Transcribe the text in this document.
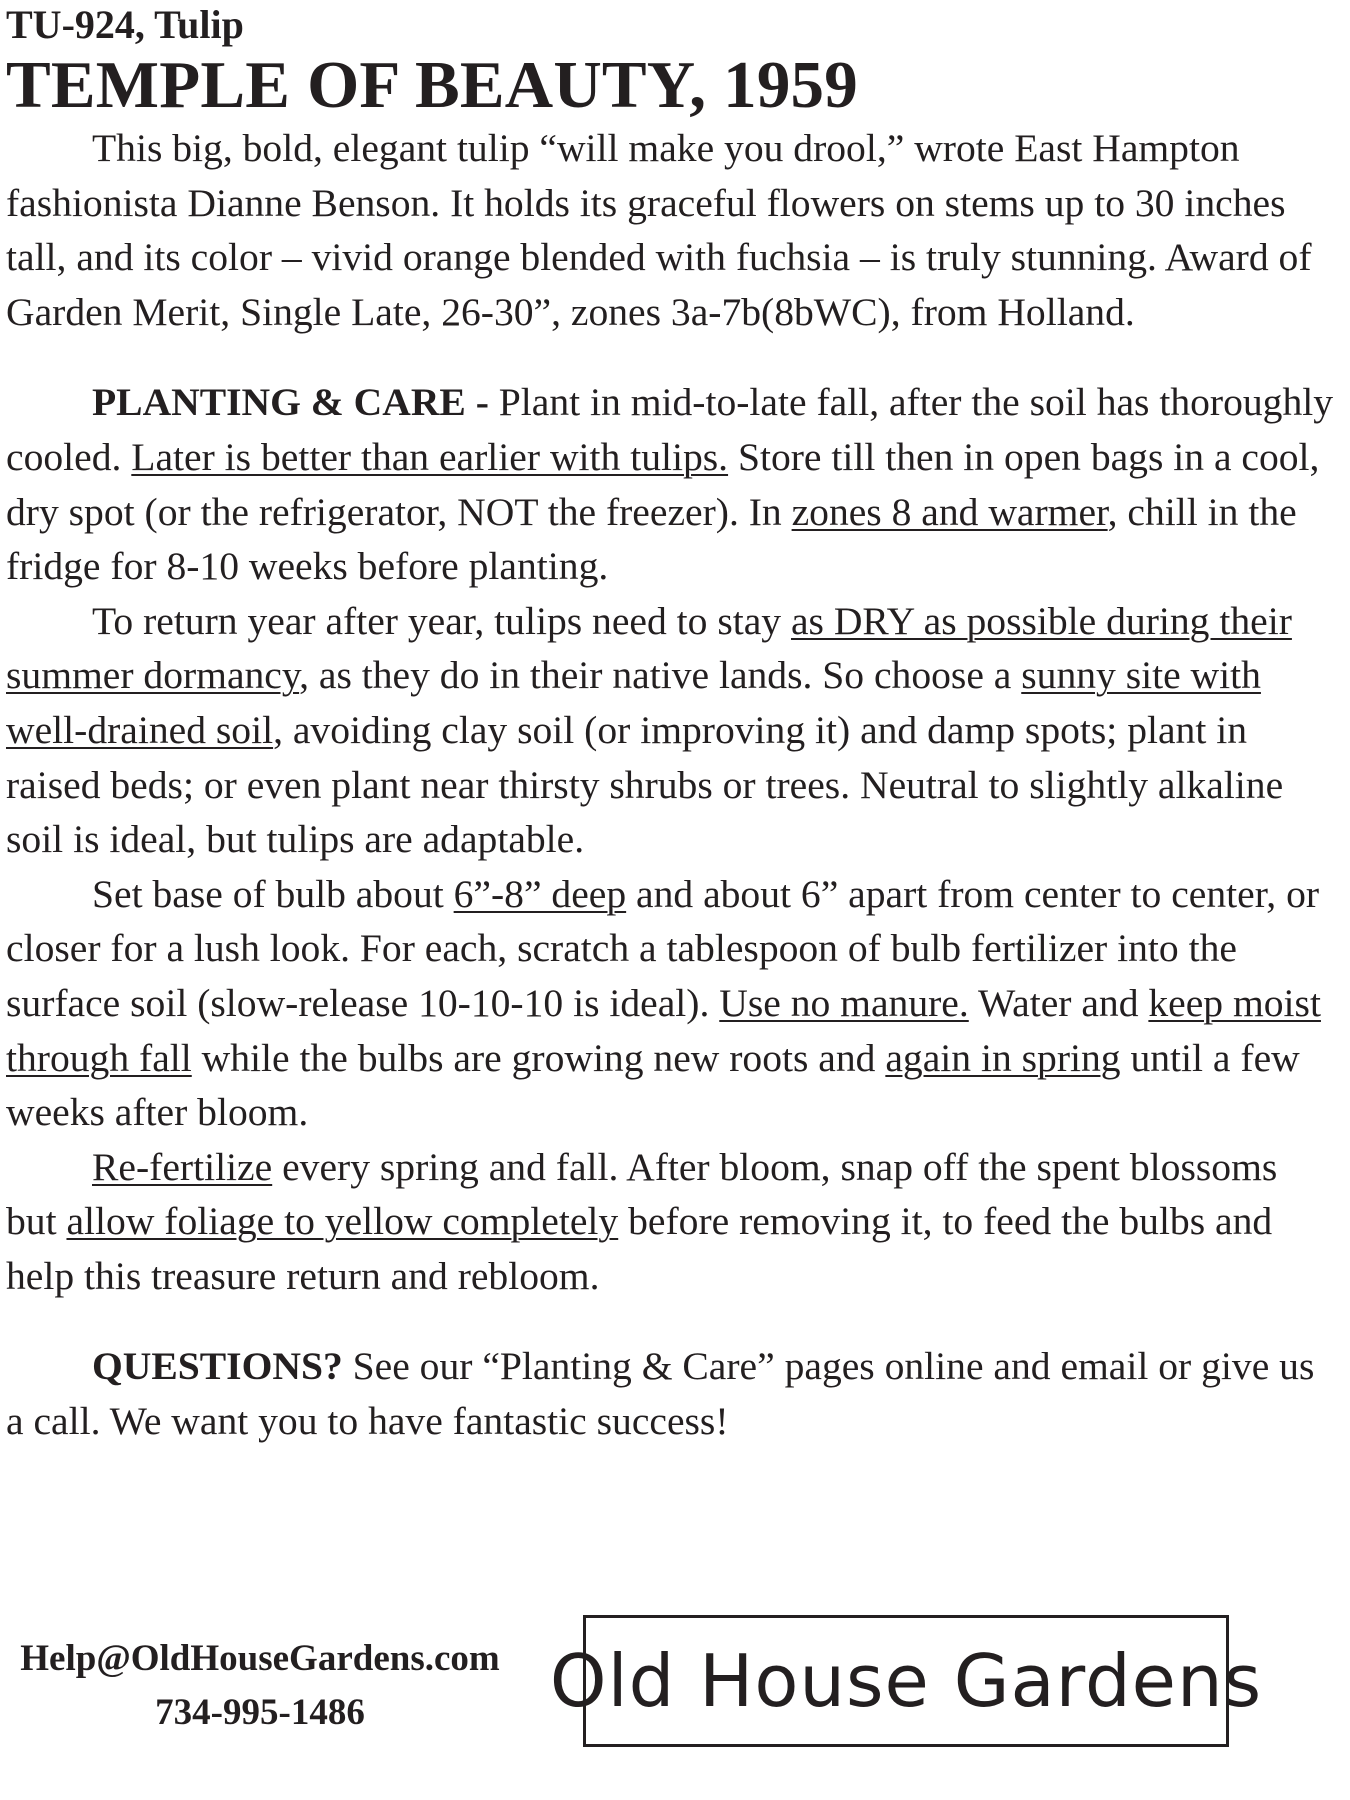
TU-924, Tulip
TEMPLE OF BEAUTY, 1959

This big, bold, elegant tulip “will make you drool,” wrote East Hampton fashionista Dianne Benson. It holds its graceful flowers on stems up to 30 inches tall, and its color – vivid orange blended with fuchsia – is truly stunning. Award of Garden Merit, Single Late, 26-30”, zones 3a-7b(8bWC), from Holland.

PLANTING & CARE - Plant in mid-to-late fall, after the soil has thoroughly cooled. Later is better than earlier with tulips. Store till then in open bags in a cool, dry spot (or the refrigerator, NOT the freezer). In zones 8 and warmer, chill in the fridge for 8-10 weeks before planting.

To return year after year, tulips need to stay as DRY as possible during their summer dormancy, as they do in their native lands. So choose a sunny site with well-drained soil, avoiding clay soil (or improving it) and damp spots; plant in raised beds; or even plant near thirsty shrubs or trees. Neutral to slightly alkaline soil is ideal, but tulips are adaptable.

Set base of bulb about 6”-8” deep and about 6” apart from center to center, or closer for a lush look. For each, scratch a tablespoon of bulb fertilizer into the surface soil (slow-release 10-10-10 is ideal). Use no manure. Water and keep moist through fall while the bulbs are growing new roots and again in spring until a few weeks after bloom.

Re-fertilize every spring and fall. After bloom, snap off the spent blossoms but allow foliage to yellow completely before removing it, to feed the bulbs and help this treasure return and rebloom.

QUESTIONS? See our “Planting & Care” pages online and email or give us a call. We want you to have fantastic success!

Help@OldHouseGardens.com
734-995-1486	Old House Gardens
